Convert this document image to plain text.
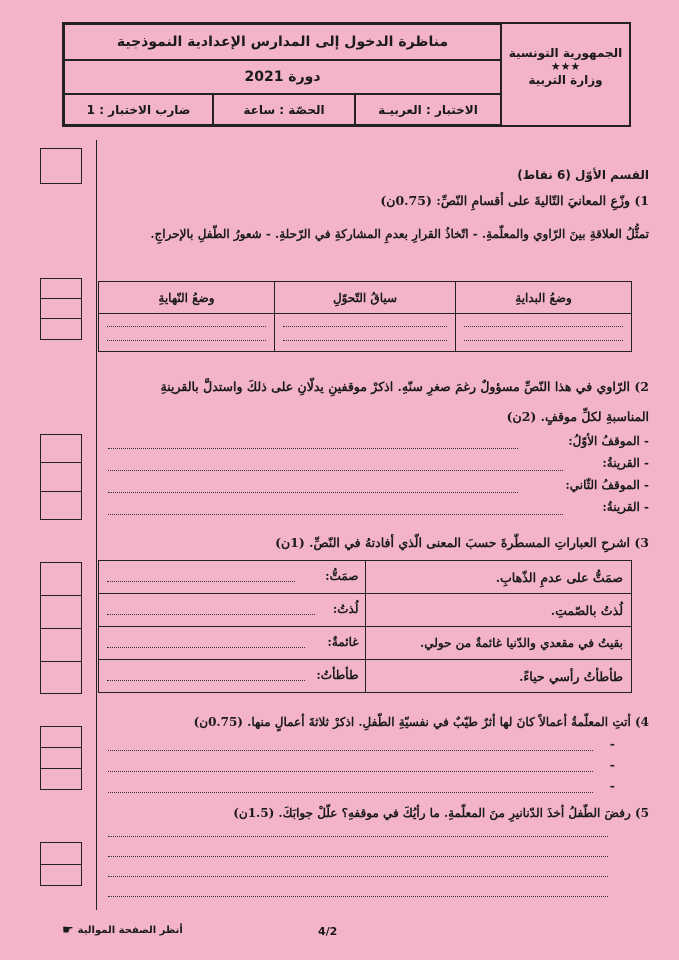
مناظرة الدخول إلى المدارس الإعدادية النموذجية
دورة 2021
ضارب الاختبار : 1	الحصّة : ساعة	الاختبار : العربيـة
الجمهورية التونسية
★★★
وزارة التربية
القسم الأوّل (6 نقاط)
1) وزّعِ المعانيَ التّاليةَ على أقسامِ النّصِّ: (0.75ن)
تمثُّلُ العلاقةِ بينَ الرّاوي والمعلّمةِ. - اتّخاذُ القرارِ بعدمِ المشاركةِ في الرّحلةِ. - شعورُ الطّفلِ بالإحراجِ.
وضعُ البدايةِ	سياقُ التّحوّلِ	وضعُ النّهايةِ

2) الرّاوي في هذا النّصِّ مسؤولٌ رغمَ صغرِ سنّهِ. اذكرْ موقفينِ يدلّانِ على ذلكَ واستدلَّ بالقرينةِ المناسبةِ لكلِّ موقفٍ. (2ن)
- الموقفُ الأوّلُ:
- القرينةُ:
- الموقفُ الثّاني:
- القرينةُ:
3) اشرحِ العباراتِ المسطّرةَ حسبَ المعنى الّذي أفادتهُ في النّصِّ. (1ن)
صمَتُّ على عدمِ الذّهابِ.	صمَتُّ:

لُذتُ بالصّمتِ.	لُذتُ:

بقيتُ في مقعدي والدّنيا غائمةٌ من حولي.	غائمةٌ:

طأطأتُ رأسي حياءً.	طأطأتُ:
4) أتتِ المعلّمةُ أعمالاً كانَ لها أثرٌ طيّبٌ في نفسيّةِ الطّفلِ. اذكرْ ثلاثةَ أعمالٍ منها. (0.75ن)
-
-
-
5) رفضَ الطّفلُ أخذَ الدّنانيرِ منَ المعلّمةِ. ما رأيُكَ في موقفهِ؟ علّلْ جوابَكَ. (1.5ن)
4/2
أنظر الصفحة الموالية
☛
